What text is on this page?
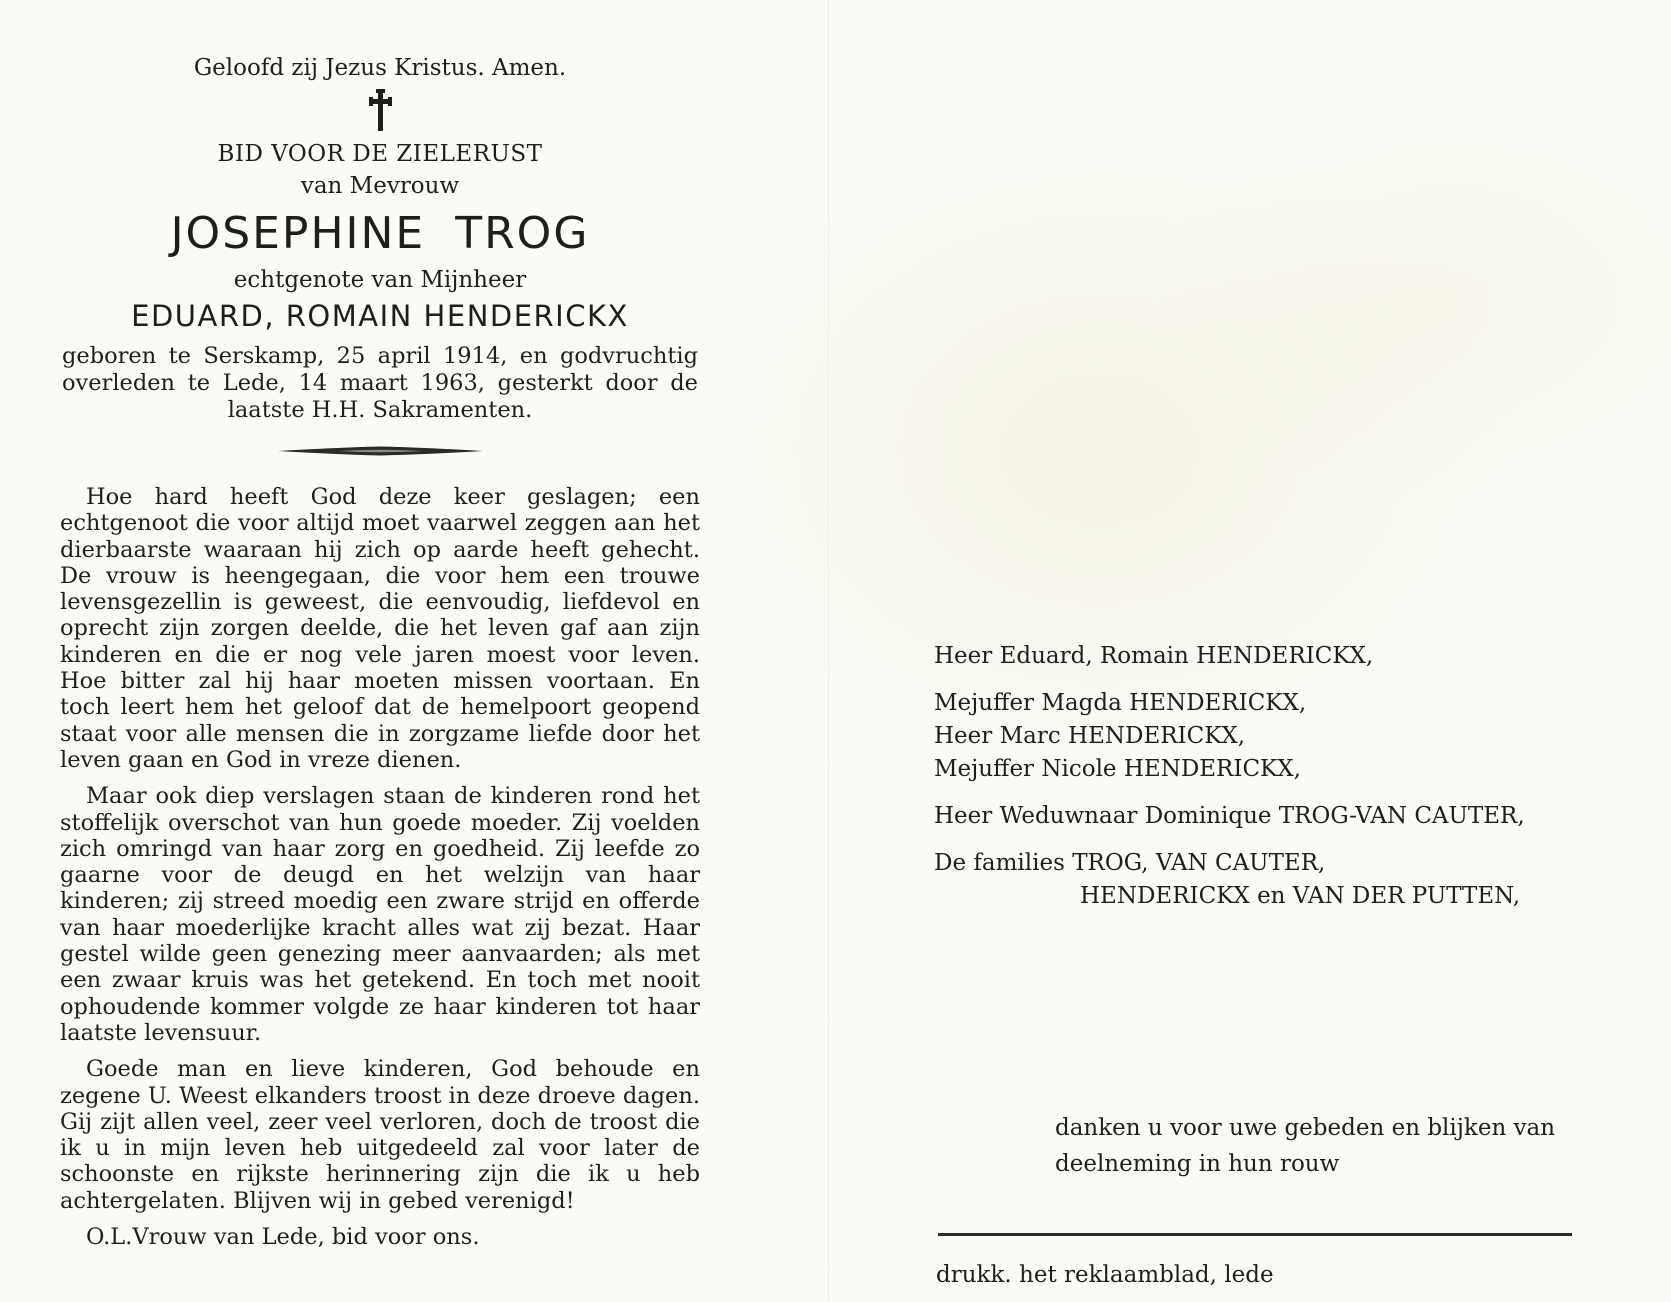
Geloofd zij Jezus Kristus. Amen.
BID VOOR DE ZIELERUST
van Mevrouw
JOSEPHINE TROG
echtgenote van Mijnheer
EDUARD, ROMAIN HENDERICKX
geboren te Serskamp, 25 april 1914, en godvruchtig overleden te Lede, 14 maart 1963, gesterkt door de laatste H.H. Sakramenten.

Hoe hard heeft God deze keer geslagen; een echtgenoot die voor altijd moet vaarwel zeggen aan het dierbaarste waaraan hij zich op aarde heeft gehecht. De vrouw is heengegaan, die voor hem een trouwe levensgezellin is geweest, die eenvoudig, liefdevol en oprecht zijn zorgen deelde, die het leven gaf aan zijn kinderen en die er nog vele jaren moest voor leven. Hoe bitter zal hij haar moeten missen voortaan. En toch leert hem het geloof dat de hemelpoort geopend staat voor alle mensen die in zorgzame liefde door het leven gaan en God in vreze dienen.

Maar ook diep verslagen staan de kinderen rond het stoffelijk overschot van hun goede moeder. Zij voelden zich omringd van haar zorg en goedheid. Zij leefde zo gaarne voor de deugd en het welzijn van haar kinderen; zij streed moedig een zware strijd en offerde van haar moederlijke kracht alles wat zij bezat. Haar gestel wilde geen genezing meer aanvaarden; als met een zwaar kruis was het getekend. En toch met nooit ophoudende kommer volgde ze haar kinderen tot haar laatste levensuur.

Goede man en lieve kinderen, God behoude en zegene U. Weest elkanders troost in deze droeve dagen. Gij zijt allen veel, zeer veel verloren, doch de troost die ik u in mijn leven heb uitgedeeld zal voor later de schoonste en rijkste herinnering zijn die ik u heb achtergelaten. Blijven wij in gebed verenigd!

O.L.Vrouw van Lede, bid voor ons.
Heer Eduard, Romain HENDERICKX,
Mejuffer Magda HENDERICKX,
Heer Marc HENDERICKX,
Mejuffer Nicole HENDERICKX,
Heer Weduwnaar Dominique TROG-VAN CAUTER,
De families TROG, VAN CAUTER,
HENDERICKX en VAN DER PUTTEN,
danken u voor uwe gebeden en blijken van
deelneming in hun rouw
drukk. het reklaamblad, lede
